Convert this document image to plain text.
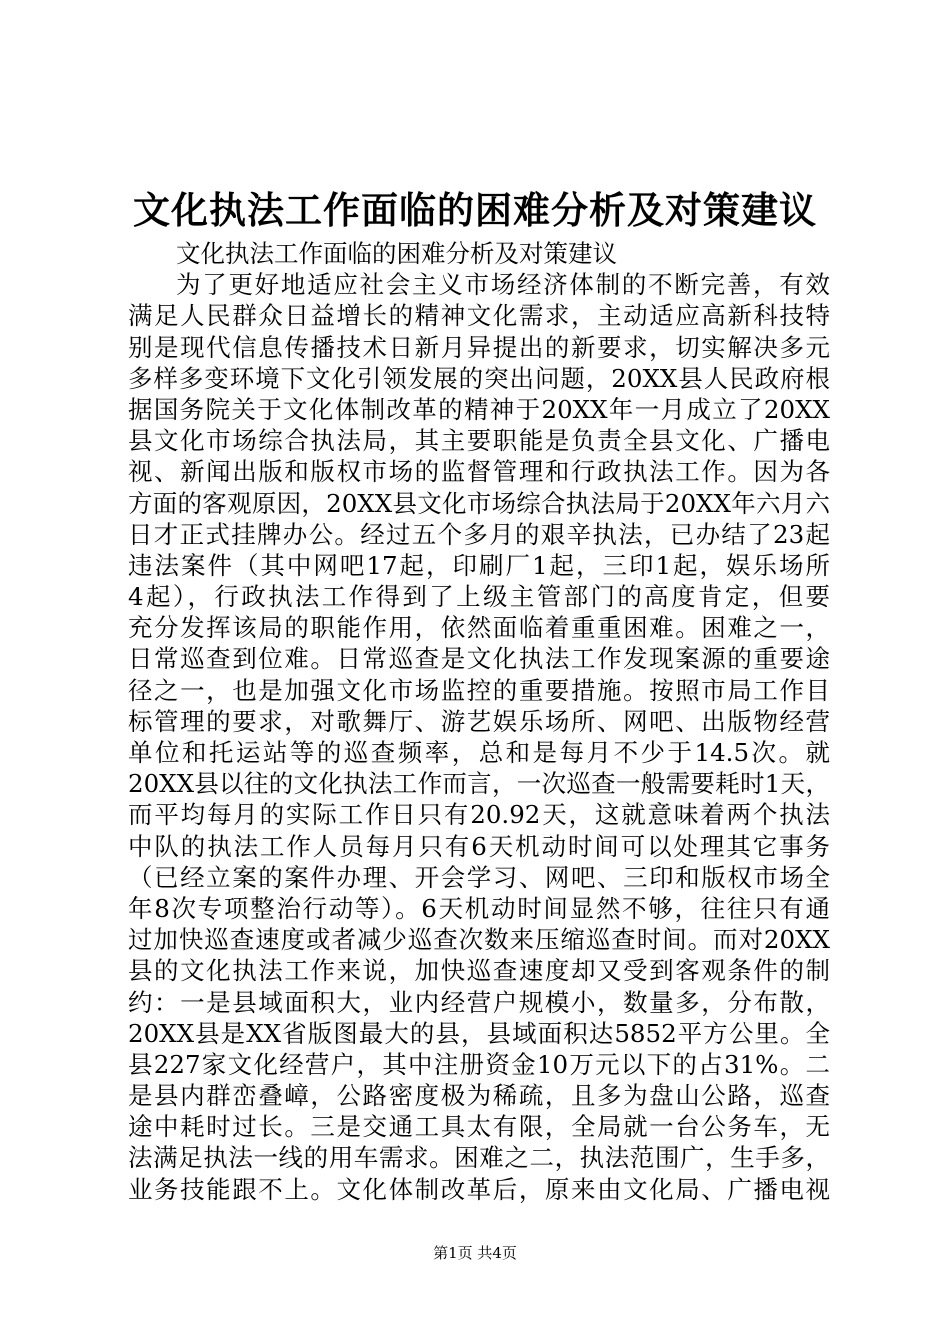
文化执法工作面临的困难分析及对策建议
文化执法工作面临的困难分析及对策建议
为了更好地适应社会主义市场经济体制的不断完善，有效
满足人民群众日益增长的精神文化需求，主动适应高新科技特
别是现代信息传播技术日新月异提出的新要求，切实解决多元
多样多变环境下文化引领发展的突出问题，20XX县人民政府根
据国务院关于文化体制改革的精神于20XX年一月成立了20XX
县文化市场综合执法局，其主要职能是负责全县文化、广播电
视、新闻出版和版权市场的监督管理和行政执法工作。因为各
方面的客观原因，20XX县文化市场综合执法局于20XX年六月六
日才正式挂牌办公。经过五个多月的艰辛执法，已办结了23起
违法案件（其中网吧17起，印刷厂1起，三印1起，娱乐场所
4起），行政执法工作得到了上级主管部门的高度肯定，但要
充分发挥该局的职能作用，依然面临着重重困难。困难之一，
日常巡查到位难。日常巡查是文化执法工作发现案源的重要途
径之一，也是加强文化市场监控的重要措施。按照市局工作目
标管理的要求，对歌舞厅、游艺娱乐场所、网吧、出版物经营
单位和托运站等的巡查频率，总和是每月不少于14.5次。就
20XX县以往的文化执法工作而言，一次巡查一般需要耗时1天，
而平均每月的实际工作日只有20.92天，这就意味着两个执法
中队的执法工作人员每月只有6天机动时间可以处理其它事务
（已经立案的案件办理、开会学习、网吧、三印和版权市场全
年8次专项整治行动等）。6天机动时间显然不够，往往只有通
过加快巡查速度或者减少巡查次数来压缩巡查时间。而对20XX
县的文化执法工作来说，加快巡查速度却又受到客观条件的制
约：一是县域面积大，业内经营户规模小，数量多，分布散，
20XX县是XX省版图最大的县，县域面积达5852平方公里。全
县227家文化经营户，其中注册资金10万元以下的占31%。二
是县内群峦叠嶂，公路密度极为稀疏，且多为盘山公路，巡查
途中耗时过长。三是交通工具太有限，全局就一台公务车，无
法满足执法一线的用车需求。困难之二，执法范围广，生手多，
业务技能跟不上。文化体制改革后，原来由文化局、广播电视
第1页 共4页
